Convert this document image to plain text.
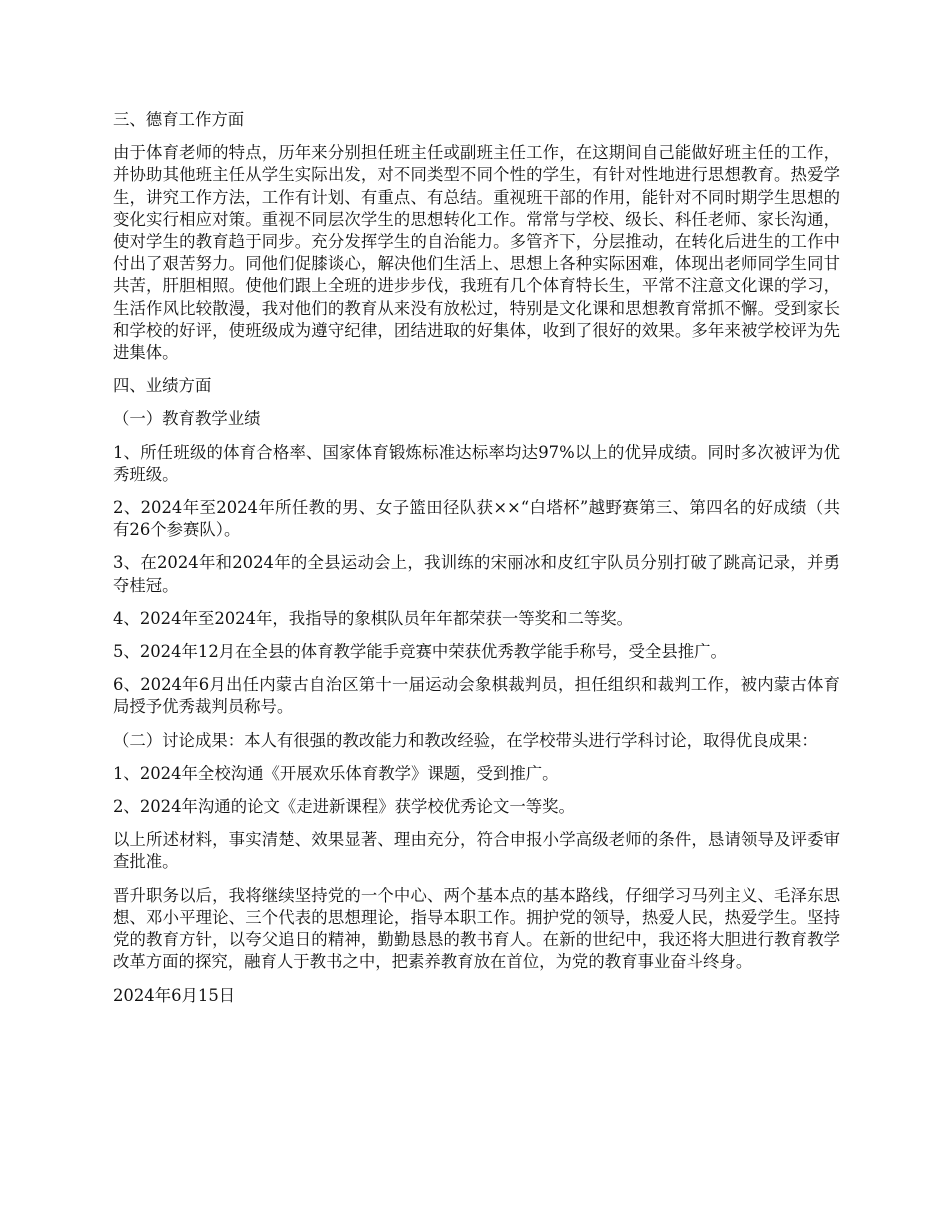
三、德育工作方面

由于体育老师的特点，历年来分别担任班主任或副班主任工作，在这期间自己能做好班主任的工作，并协助其他班主任从学生实际出发，对不同类型不同个性的学生，有针对性地进行思想教育。热爱学生，讲究工作方法，工作有计划、有重点、有总结。重视班干部的作用，能针对不同时期学生思想的变化实行相应对策。重视不同层次学生的思想转化工作。常常与学校、级长、科任老师、家长沟通，使对学生的教育趋于同步。充分发挥学生的自治能力。多管齐下，分层推动，在转化后进生的工作中付出了艰苦努力。同他们促膝谈心，解决他们生活上、思想上各种实际困难，体现出老师同学生同甘共苦，肝胆相照。使他们跟上全班的进步步伐，我班有几个体育特长生，平常不注意文化课的学习，生活作风比较散漫，我对他们的教育从来没有放松过，特别是文化课和思想教育常抓不懈。受到家长和学校的好评，使班级成为遵守纪律，团结进取的好集体，收到了很好的效果。多年来被学校评为先进集体。

四、业绩方面

（一）教育教学业绩

1、所任班级的体育合格率、国家体育锻炼标准达标率均达97%以上的优异成绩。同时多次被评为优秀班级。

2、2024年至2024年所任教的男、女子篮田径队获××“白塔杯”越野赛第三、第四名的好成绩（共有26个参赛队）。

3、在2024年和2024年的全县运动会上，我训练的宋丽冰和皮红宇队员分别打破了跳高记录，并勇夺桂冠。

4、2024年至2024年，我指导的象棋队员年年都荣获一等奖和二等奖。

5、2024年12月在全县的体育教学能手竞赛中荣获优秀教学能手称号，受全县推广。

6、2024年6月出任内蒙古自治区第十一届运动会象棋裁判员，担任组织和裁判工作，被内蒙古体育局授予优秀裁判员称号。

（二）讨论成果：本人有很强的教改能力和教改经验，在学校带头进行学科讨论，取得优良成果：

1、2024年全校沟通《开展欢乐体育教学》课题，受到推广。

2、2024年沟通的论文《走进新课程》获学校优秀论文一等奖。

以上所述材料，事实清楚、效果显著、理由充分，符合申报小学高级老师的条件，恳请领导及评委审查批准。

晋升职务以后，我将继续坚持党的一个中心、两个基本点的基本路线，仔细学习马列主义、毛泽东思想、邓小平理论、三个代表的思想理论，指导本职工作。拥护党的领导，热爱人民，热爱学生。坚持党的教育方针，以夸父追日的精神，勤勤恳恳的教书育人。在新的世纪中，我还将大胆进行教育教学改革方面的探究，融育人于教书之中，把素养教育放在首位，为党的教育事业奋斗终身。

2024年6月15日
